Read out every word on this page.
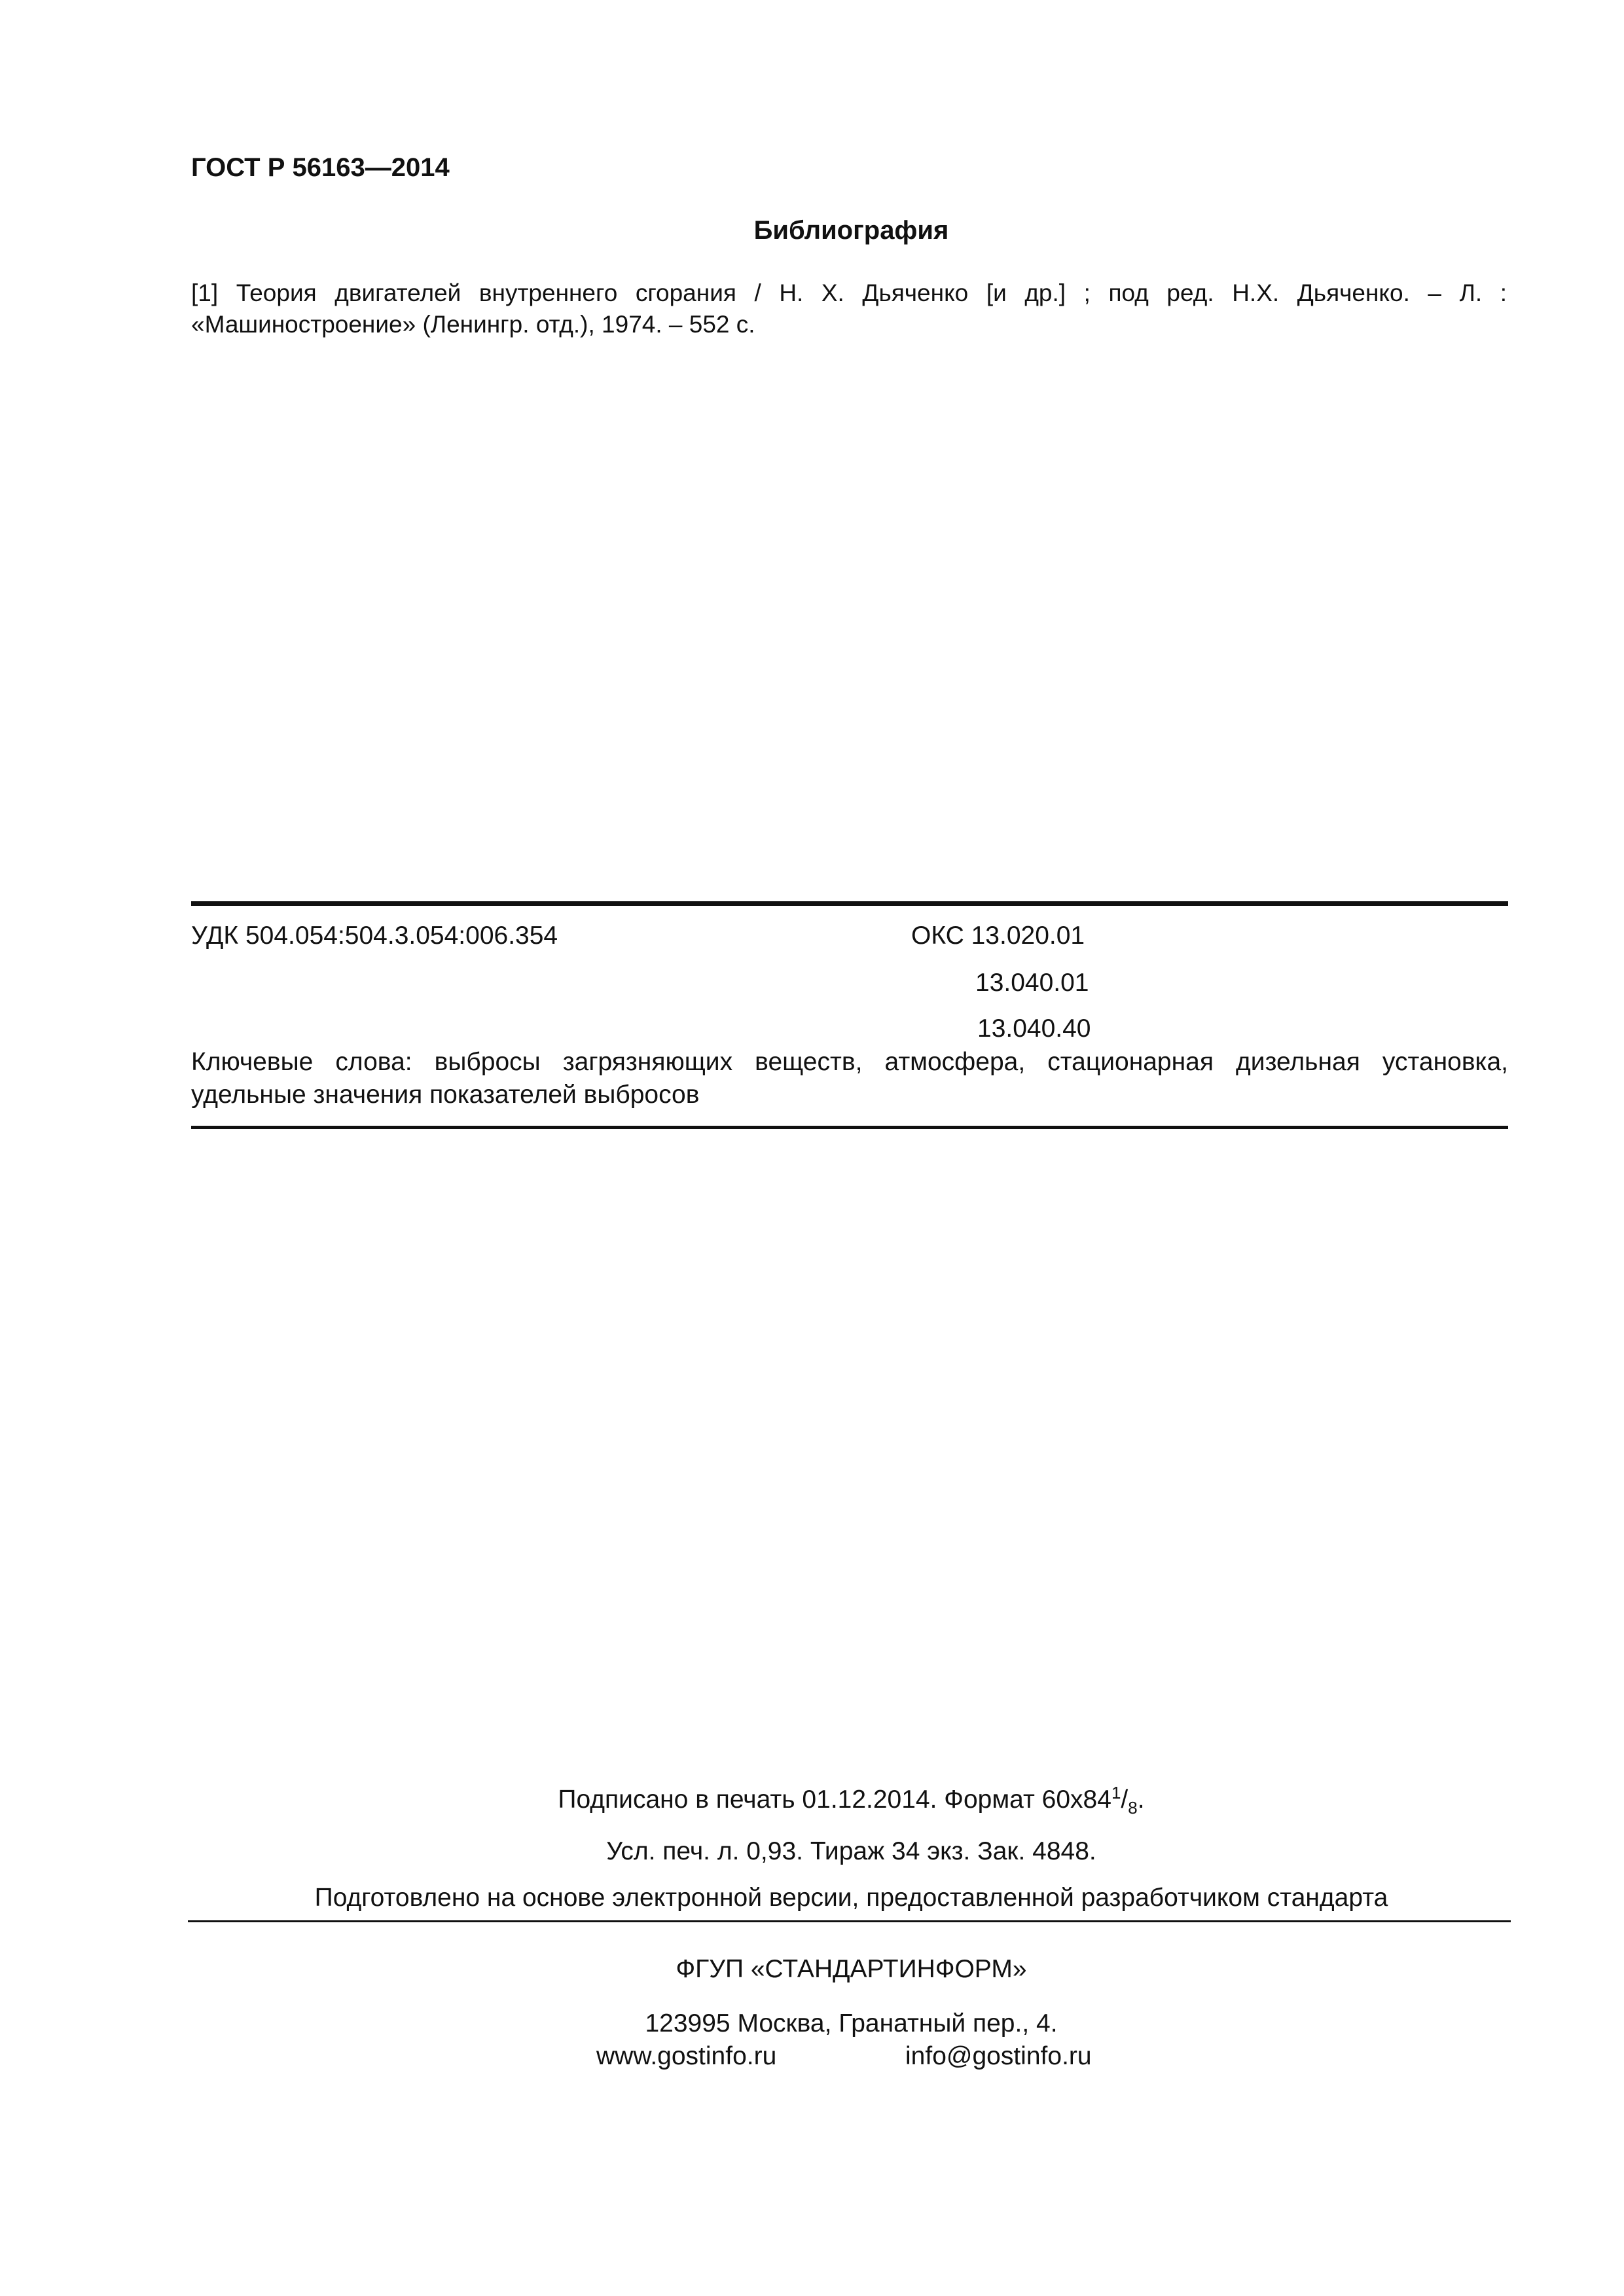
ГОСТ Р 56163—2014
Библиография
[1] Теория двигателей внутреннего сгорания / Н. Х. Дьяченко [и др.] ; под ред. Н.Х. Дьяченко. – Л. : «Машиностроение» (Ленингр. отд.), 1974. – 552 с.
УДК 504.054:504.3.054:006.354	ОКС 13.020.01
13.040.01
13.040.40
Ключевые слова: выбросы загрязняющих веществ, атмосфера, стационарная дизельная установка, удельные значения показателей выбросов
Подписано в печать 01.12.2014. Формат $60x84^1/_8$.
Усл. печ. л. 0,93. Тираж 34 экз. Зак. 4848.
Подготовлено на основе электронной версии, предоставленной разработчиком стандарта
ФГУП «СТАНДАРТИНФОРМ»
123995 Москва, Гранатный пер., 4.
www.gostinfo.ru	info@gostinfo.ru
